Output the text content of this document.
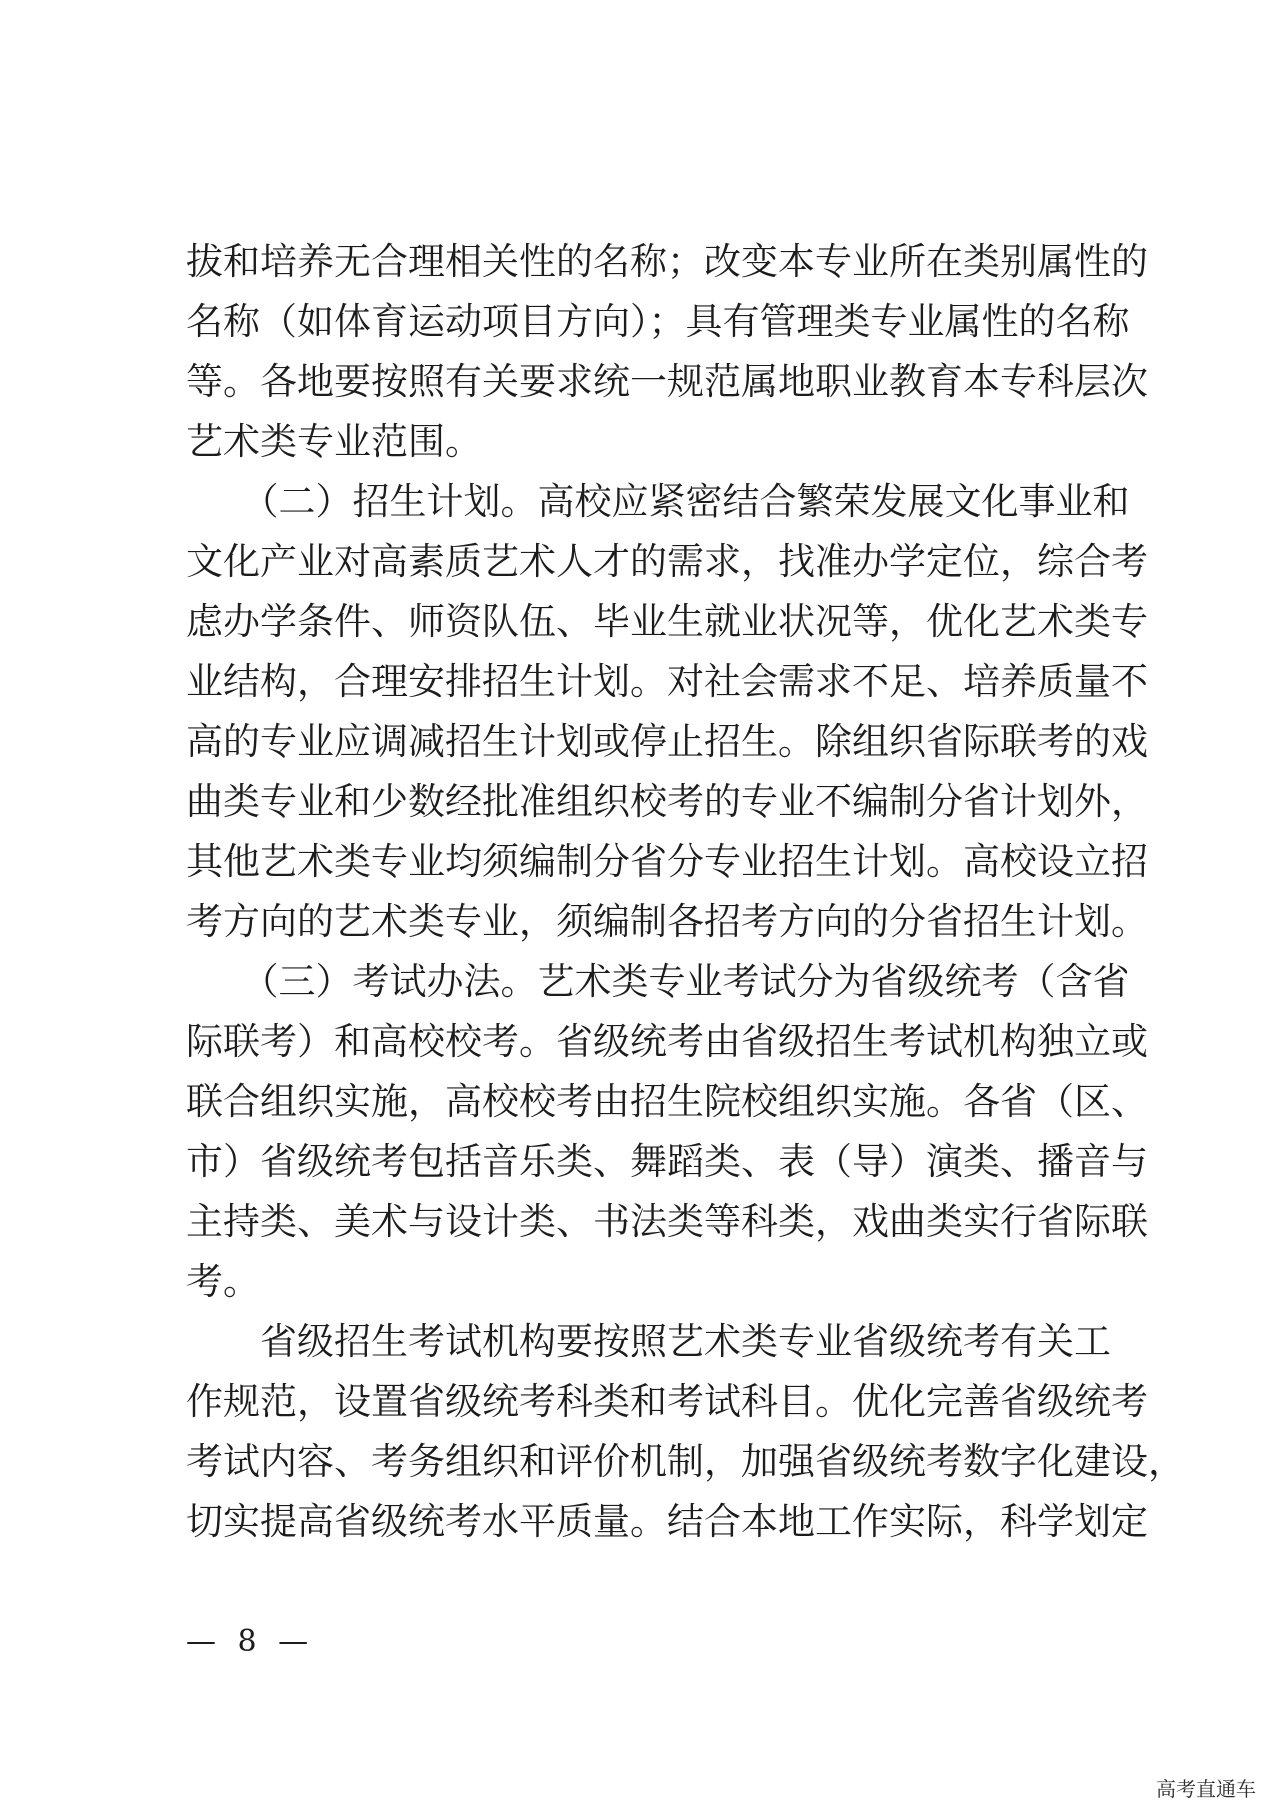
拔和培养无合理相关性的名称；改变本专业所在类别属性的
名称（如体育运动项目方向）；具有管理类专业属性的名称
等。各地要按照有关要求统一规范属地职业教育本专科层次
艺术类专业范围。
　　（二）招生计划。高校应紧密结合繁荣发展文化事业和
文化产业对高素质艺术人才的需求，找准办学定位，综合考
虑办学条件、师资队伍、毕业生就业状况等，优化艺术类专
业结构，合理安排招生计划。对社会需求不足、培养质量不
高的专业应调减招生计划或停止招生。除组织省际联考的戏
曲类专业和少数经批准组织校考的专业不编制分省计划外，
其他艺术类专业均须编制分省分专业招生计划。高校设立招
考方向的艺术类专业，须编制各招考方向的分省招生计划。
　　（三）考试办法。艺术类专业考试分为省级统考（含省
际联考）和高校校考。省级统考由省级招生考试机构独立或
联合组织实施，高校校考由招生院校组织实施。各省（区、
市）省级统考包括音乐类、舞蹈类、表（导）演类、播音与
主持类、美术与设计类、书法类等科类，戏曲类实行省际联
考。
　　省级招生考试机构要按照艺术类专业省级统考有关工
作规范，设置省级统考科类和考试科目。优化完善省级统考
考试内容、考务组织和评价机制，加强省级统考数字化建设，
切实提高省级统考水平质量。结合本地工作实际，科学划定
— 8 —
高考直通车
